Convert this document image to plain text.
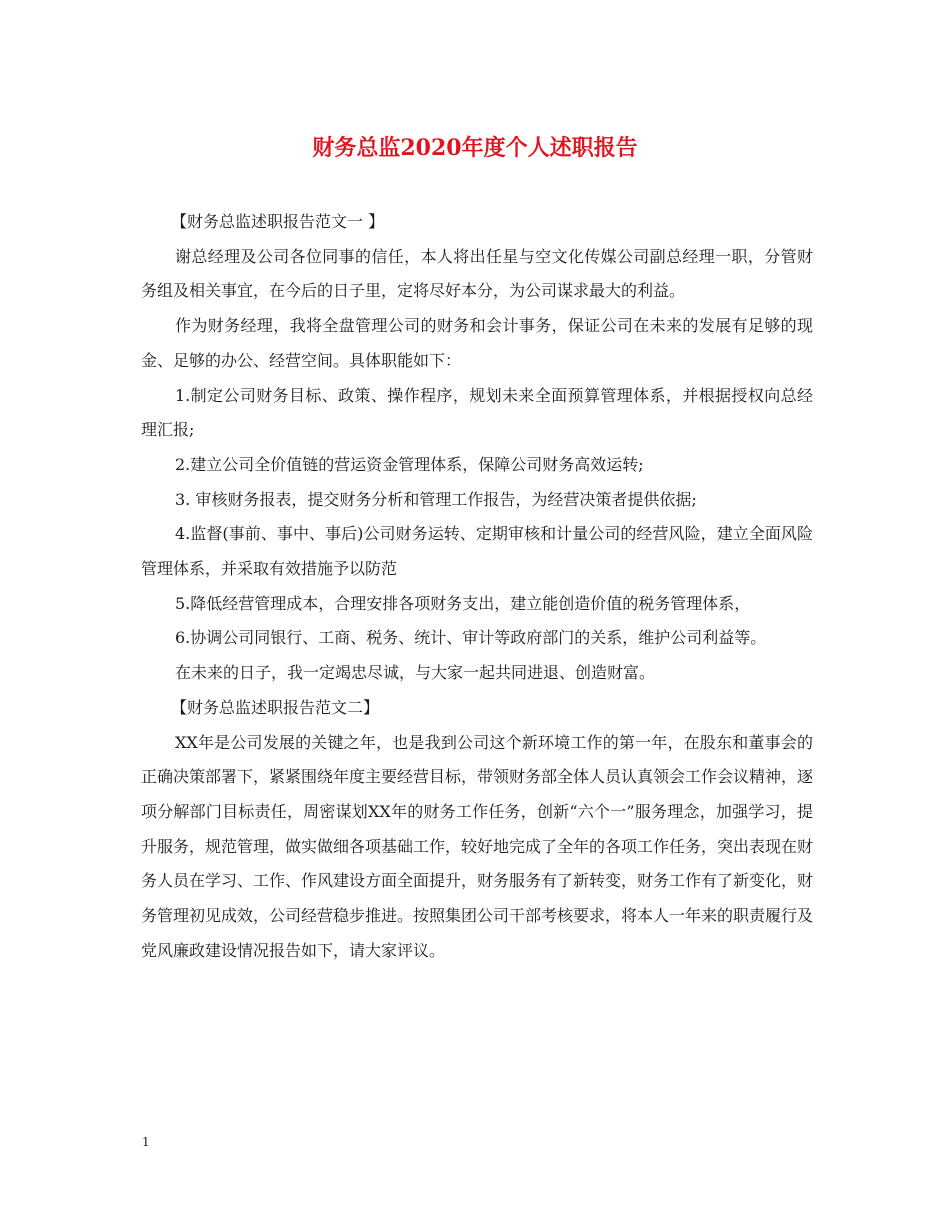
财务总监2020年度个人述职报告

【财务总监述职报告范文一 】

谢总经理及公司各位同事的信任，本人将出任星与空文化传媒公司副总经理一职，分管财务组及相关事宜，在今后的日子里，定将尽好本分，为公司谋求最大的利益。

作为财务经理，我将全盘管理公司的财务和会计事务，保证公司在未来的发展有足够的现金、足够的办公、经营空间。具体职能如下：

1.制定公司财务目标、政策、操作程序，规划未来全面预算管理体系，并根据授权向总经理汇报;

2.建立公司全价值链的营运资金管理体系，保障公司财务高效运转;

3. 审核财务报表，提交财务分析和管理工作报告，为经营决策者提供依据;

4.监督(事前、事中、事后)公司财务运转、定期审核和计量公司的经营风险，建立全面风险管理体系，并采取有效措施予以防范

5.降低经营管理成本，合理安排各项财务支出，建立能创造价值的税务管理体系，

6.协调公司同银行、工商、税务、统计、审计等政府部门的关系，维护公司利益等。

在未来的日子，我一定竭忠尽诚，与大家一起共同进退、创造财富。

【财务总监述职报告范文二】

XX年是公司发展的关键之年，也是我到公司这个新环境工作的第一年，在股东和董事会的正确决策部署下，紧紧围绕年度主要经营目标，带领财务部全体人员认真领会工作会议精神，逐项分解部门目标责任，周密谋划XX年的财务工作任务，创新“六个一”服务理念，加强学习，提升服务，规范管理，做实做细各项基础工作，较好地完成了全年的各项工作任务，突出表现在财务人员在学习、工作、作风建设方面全面提升，财务服务有了新转变，财务工作有了新变化，财务管理初见成效，公司经营稳步推进。按照集团公司干部考核要求，将本人一年来的职责履行及党风廉政建设情况报告如下，请大家评议。

1
